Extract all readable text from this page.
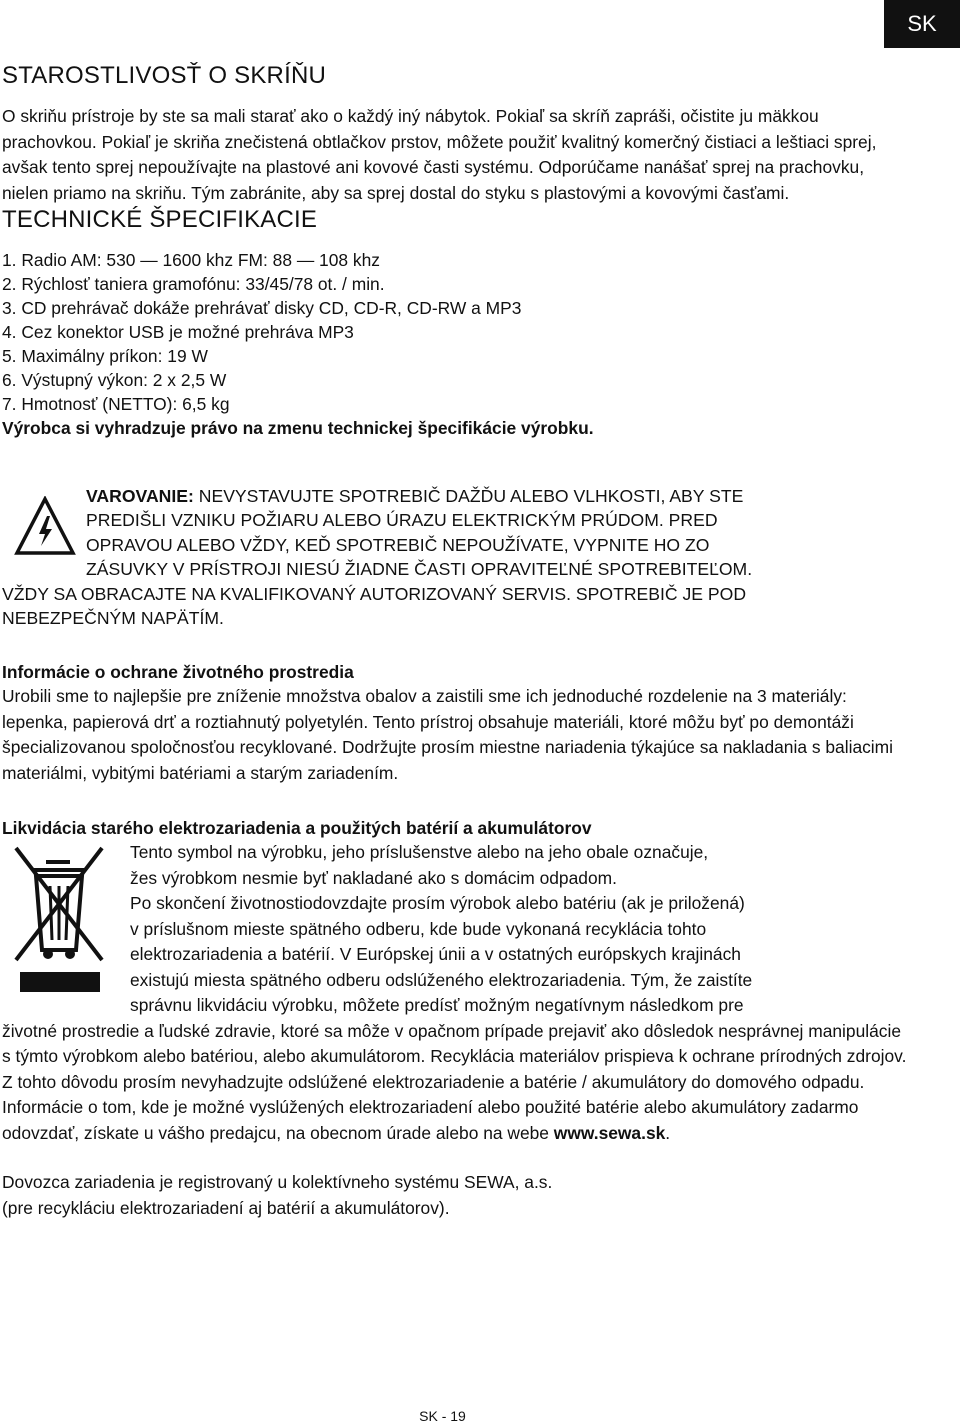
SK
STAROSTLIVOSŤ O SKRÍŇU

O skriňu prístroje by ste sa mali starať ako o každý iný nábytok. Pokiaľ sa skríň zapráši, očistite ju mäkkou prachovkou. Pokiaľ je skriňa znečistená obtlačkov prstov, môžete použiť kvalitný komerčný čistiaci a leštiaci sprej, avšak tento sprej nepoužívajte na plastové ani kovové časti systému. Odporúčame nanášať sprej na prachovku, nielen priamo na skriňu. Tým zabránite, aby sa sprej dostal do styku s plastovými a kovovými časťami.

TECHNICKÉ ŠPECIFIKACIE
1. Radio AM: 530 — 1600 khz FM: 88 — 108 khz
2. Rýchlosť taniera gramofónu: 33/45/78 ot. / min.
3. CD prehrávač dokáže prehrávať disky CD, CD-R, CD-RW a MP3
4. Cez konektor USB je možné prehráva MP3
5. Maximálny príkon: 19 W
6. Výstupný výkon: 2 x 2,5 W
7. Hmotnosť (NETTO): 6,5 kg

Výrobca si vyhradzuje právo na zmenu technickej špecifikácie výrobku.

VAROVANIE: NEVYSTAVUJTE SPOTREBIČ DAŽĎU ALEBO VLHKOSTI, ABY STE
PREDIŠLI VZNIKU POŽIARU ALEBO ÚRAZU ELEKTRICKÝM PRÚDOM. PRED
OPRAVOU ALEBO VŽDY, KEĎ SPOTREBIČ NEPOUŽÍVATE, VYPNITE HO ZO
ZÁSUVKY V PRÍSTROJI NIESÚ ŽIADNE ČASTI OPRAVITEĽNÉ SPOTREBITEĽOM.
VŽDY SA OBRACAJTE NA KVALIFIKOVANÝ AUTORIZOVANÝ SERVIS. SPOTREBIČ JE POD
NEBEZPEČNÝM NAPÄTÍM.

Informácie o ochrane životného prostredia

Urobili sme to najlepšie pre zníženie množstva obalov a zaistili sme ich jednoduché rozdelenie na 3 materiály: lepenka, papierová drť a roztiahnutý polyetylén. Tento prístroj obsahuje materiáli, ktoré môžu byť po demontáži špecializovanou spoločnosťou recyklované. Dodržujte prosím miestne nariadenia týkajúce sa nakladania s baliacimi materiálmi, vybitými batériami a starým zariadením.

Likvidácia starého elektrozariadenia a použitých batérií a akumulátorov

Tento symbol na výrobku, jeho príslušenstve alebo na jeho obale označuje,
žes výrobkom nesmie byť nakladané ako s domácim odpadom.
Po skončení životnostiodovzdajte prosím výrobok alebo batériu (ak je priložená)
v príslušnom mieste spätného odberu, kde bude vykonaná recyklácia tohto
elektrozariadenia a batérií. V Európskej únii a v ostatných európskych krajinách
existujú miesta spätného odberu odslúženého elektrozariadenia. Tým, že zaistíte
správnu likvidáciu výrobku, môžete predísť možným negatívnym následkom pre

životné prostredie a ľudské zdravie, ktoré sa môže v opačnom prípade prejaviť ako dôsledok nesprávnej manipulácie s týmto výrobkom alebo batériou, alebo akumulátorom. Recyklácia materiálov prispieva k ochrane prírodných zdrojov. Z tohto dôvodu prosím nevyhadzujte odslúžené elektrozariadenie a batérie / akumulátory do domového odpadu.

Informácie o tom, kde je možné vyslúžených elektrozariadení alebo použité batérie alebo akumulátory zadarmo odovzdať, získate u vášho predajcu, na obecnom úrade alebo na webe www.sewa.sk.

Dovozca zariadenia je registrovaný u kolektívneho systému SEWA, a.s.

(pre recykláciu elektrozariadení aj batérií a akumulátorov).

SK - 19
